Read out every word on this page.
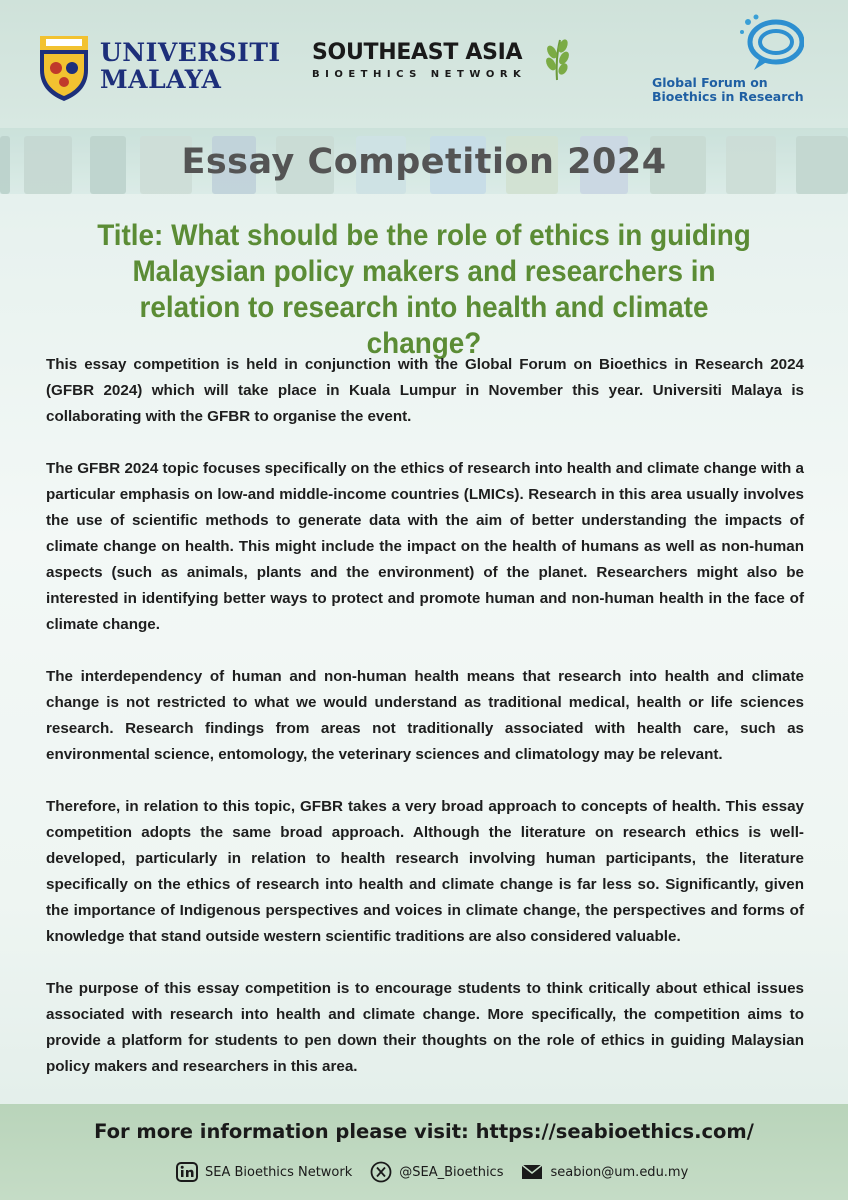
UNIVERSITI
MALAYA
SOUTHEAST ASIA
BIOETHICS NETWORK
Global Forum on
Bioethics in Research
Essay Competition 2024
Title: What should be the role of ethics in guiding Malaysian policy makers and researchers in relation to research into health and climate change?

This essay competition is held in conjunction with the Global Forum on Bioethics in Research 2024 (GFBR 2024) which will take place in Kuala Lumpur in November this year. Universiti Malaya is collaborating with the GFBR to organise the event.

The GFBR 2024 topic focuses specifically on the ethics of research into health and climate change with a particular emphasis on low-and middle-income countries (LMICs). Research in this area usually involves the use of scientific methods to generate data with the aim of better understanding the impacts of climate change on health. This might include the impact on the health of humans as well as non-human aspects (such as animals, plants and the environment) of the planet. Researchers might also be interested in identifying better ways to protect and promote human and non-human health in the face of climate change.

The interdependency of human and non-human health means that research into health and climate change is not restricted to what we would understand as traditional medical, health or life sciences research. Research findings from areas not traditionally associated with health care, such as environmental science, entomology, the veterinary sciences and climatology may be relevant.

Therefore, in relation to this topic, GFBR takes a very broad approach to concepts of health. This essay competition adopts the same broad approach. Although the literature on research ethics is well-developed, particularly in relation to health research involving human participants, the literature specifically on the ethics of research into health and climate change is far less so. Significantly, given the importance of Indigenous perspectives and voices in climate change, the perspectives and forms of knowledge that stand outside western scientific traditions are also considered valuable.

The purpose of this essay competition is to encourage students to think critically about ethical issues associated with research into health and climate change. More specifically, the competition aims to provide a platform for students to pen down their thoughts on the role of ethics in guiding Malaysian policy makers and researchers in this area.

For more information please visit: https://seabioethics.com/
SEA Bioethics Network	@SEA_Bioethics	seabion@um.edu.my
